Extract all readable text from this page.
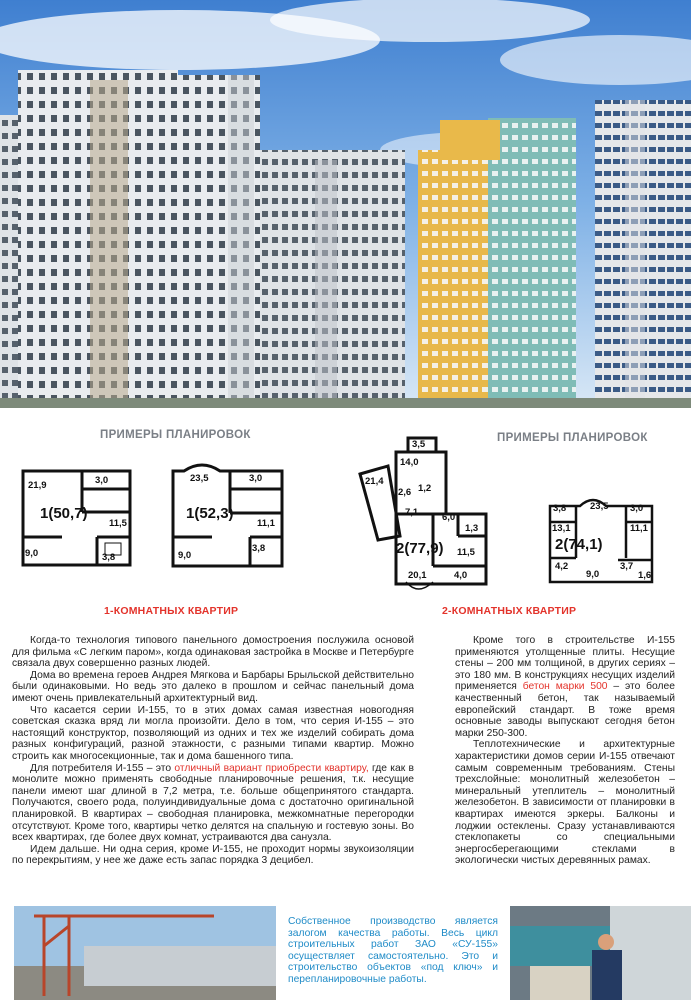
ПРИМЕРЫ ПЛАНИРОВОК	ПРИМЕРЫ ПЛАНИРОВОК
21,9	3,0
1(50,7)
11,5
9,0	3,8
23,5	3,0
1(52,3)
11,1
9,0
3,8
3,5
14,0
21,4
2,6 1,2
7,1	6,0
1,3
2(77,9) 11,5
20,1	4,0
3,8	23,5 3,0
13,1	11,1
2(74,1)
4,2
9,0
3,7
1,6
1-КОМНАТНЫХ КВАРТИР	2-КОМНАТНЫХ КВАРТИР

Когда-то технология типового панельного домостроения послужила основой для фильма «С легким паром», когда одинаковая застройка в Москве и Петербурге связала двух совершенно разных людей.

Дома во времена героев Андрея Мягкова и Барбары Брыльской действительно были одинаковыми. Но ведь это далеко в прошлом и сейчас панельный дома имеют очень привлекательный архитектурный вид.

Что касается серии И-155, то в этих домах самая известная новогодняя советская сказка вряд ли могла произойти. Дело в том, что серия И-155 – это настоящий конструктор, позволяющий из одних и тех же изделий собирать дома разных конфигураций, разной этажности, с разными типами квартир. Можно строить как многосекционные, так и дома башенного типа.

Для потребителя И-155 – это отличный вариант приобрести квартиру, где как в монолите можно применять свободные планировочные решения, т.к. несущие панели имеют шаг длиной в 7,2 метра, т.е. больше общепринятого стандарта. Получаются, своего рода, полуиндивидуальные дома с достаточно оригинальной планировкой. В квартирах – свободная планировка, межкомнатные перегородки отсутствуют. Кроме того, квартиры четко делятся на спальную и гостевую зоны. Во всех квартирах, где более двух комнат, устраиваются два санузла.

Идем дальше. Ни одна серия, кроме И-155, не проходит нормы звукоизоляции по перекрытиям, у нее же даже есть запас порядка 3 децибел.

Кроме того в строительстве И-155 применяются утолщенные плиты. Несущие стены – 200 мм толщиной, в других сериях – это 180 мм. В конструкциях несущих изделий применяется бетон марки 500 – это более качественный бетон, так называемый европейский стандарт. В тоже время основные заводы выпускают сегодня бетон марки 250-300.

Теплотехнические и архитектурные характеристики домов серии И-155 отвечают самым современным требованиям. Стены трехслойные: монолитный железобетон – минеральный утеплитель – монолитный железобетон. В зависимости от планировки в квартирах имеются эркеры. Балконы и лоджии остеклены. Сразу устанавливаются стеклопакеты со специальными энергосберегающими стеклами в экологически чистых деревянных рамах.

Собственное производство является залогом качества работы. Весь цикл строительных работ ЗАО «СУ-155» осуществляет самостоятельно. Это и строительство объектов «под ключ» и перепланировочные работы.
